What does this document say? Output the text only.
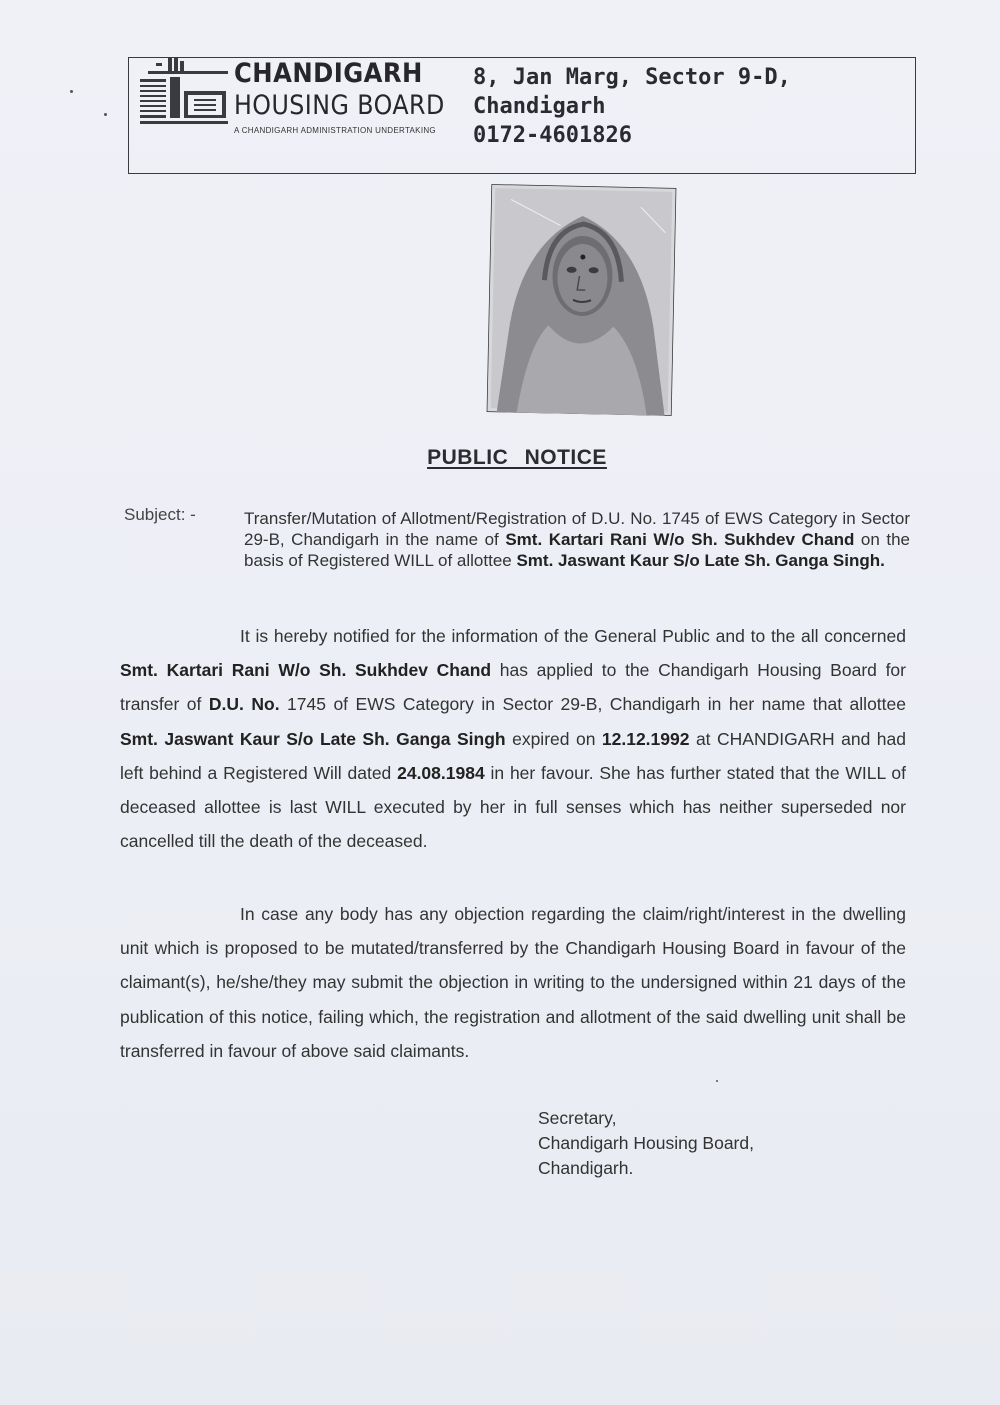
CHANDIGARH
HOUSING BOARD
A CHANDIGARH ADMINISTRATION UNDERTAKING
8, Jan Marg, Sector 9-D,
Chandigarh
0172-4601826
PUBLIC NOTICE
Subject: -	Transfer/Mutation of Allotment/Registration of D.U. No. 1745 of EWS Category in Sector 29-B, Chandigarh in the name of Smt. Kartari Rani W/o Sh. Sukhdev Chand on the basis of Registered WILL of allottee Smt. Jaswant Kaur S/o Late Sh. Ganga Singh.
It is hereby notified for the information of the General Public and to the all concerned Smt. Kartari Rani W/o Sh. Sukhdev Chand has applied to the Chandigarh Housing Board for transfer of D.U. No. 1745 of EWS Category in Sector 29-B, Chandigarh in her name that allottee Smt. Jaswant Kaur S/o Late Sh. Ganga Singh expired on 12.12.1992 at CHANDIGARH and had left behind a Registered Will dated 24.08.1984 in her favour. She has further stated that the WILL of deceased allottee is last WILL executed by her in full senses which has neither superseded nor cancelled till the death of the deceased.
In case any body has any objection regarding the claim/right/interest in the dwelling unit which is proposed to be mutated/transferred by the Chandigarh Housing Board in favour of the claimant(s), he/she/they may submit the objection in writing to the undersigned within 21 days of the publication of this notice, failing which, the registration and allotment of the said dwelling unit shall be transferred in favour of above said claimants.
Secretary,
Chandigarh Housing Board,
Chandigarh.
